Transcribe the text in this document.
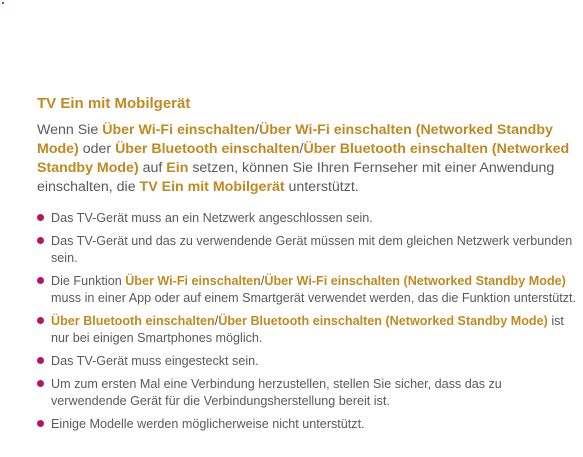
TV Ein mit Mobilgerät

Wenn Sie Über Wi-Fi einschalten/Über Wi-Fi einschalten (Networked Standby Mode) oder Über Bluetooth einschalten/Über Bluetooth einschalten (Networked Standby Mode) auf Ein setzen, können Sie Ihren Fernseher mit einer Anwendung einschalten, die TV Ein mit Mobilgerät unterstützt.

Das TV-Gerät muss an ein Netzwerk angeschlossen sein.
Das TV-Gerät und das zu verwendende Gerät müssen mit dem gleichen Netzwerk verbunden sein.
Die Funktion Über Wi-Fi einschalten/Über Wi-Fi einschalten (Networked Standby Mode) muss in einer App oder auf einem Smartgerät verwendet werden, das die Funktion unterstützt.
Über Bluetooth einschalten/Über Bluetooth einschalten (Networked Standby Mode) ist nur bei einigen Smartphones möglich.
Das TV-Gerät muss eingesteckt sein.
Um zum ersten Mal eine Verbindung herzustellen, stellen Sie sicher, dass das zu verwendende Gerät für die Verbindungsherstellung bereit ist.
Einige Modelle werden möglicherweise nicht unterstützt.
